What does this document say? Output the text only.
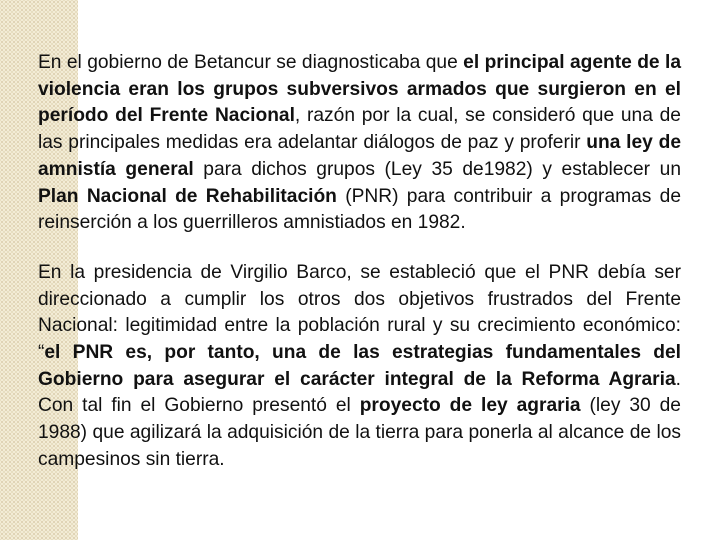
En el gobierno de Betancur se diagnosticaba que el principal agente de la violencia eran los grupos subversivos armados que surgieron en el período del Frente Nacional, razón por la cual, se consideró que una de las principales medidas era adelantar diálogos de paz y proferir una ley de amnistía general para dichos grupos (Ley 35 de1982) y establecer un Plan Nacional de Rehabilitación (PNR) para contribuir a programas de reinserción a los guerrilleros amnistiados en 1982.

En la presidencia de Virgilio Barco, se estableció que el PNR debía ser direccionado a cumplir los otros dos objetivos frustrados del Frente Nacional: legitimidad entre la población rural y su crecimiento económico: “el PNR es, por tanto, una de las estrategias fundamentales del Gobierno para asegurar el carácter integral de la Reforma Agraria. Con tal fin el Gobierno presentó el proyecto de ley agraria (ley 30 de 1988) que agilizará la adquisición de la tierra para ponerla al alcance de los campesinos sin tierra.
